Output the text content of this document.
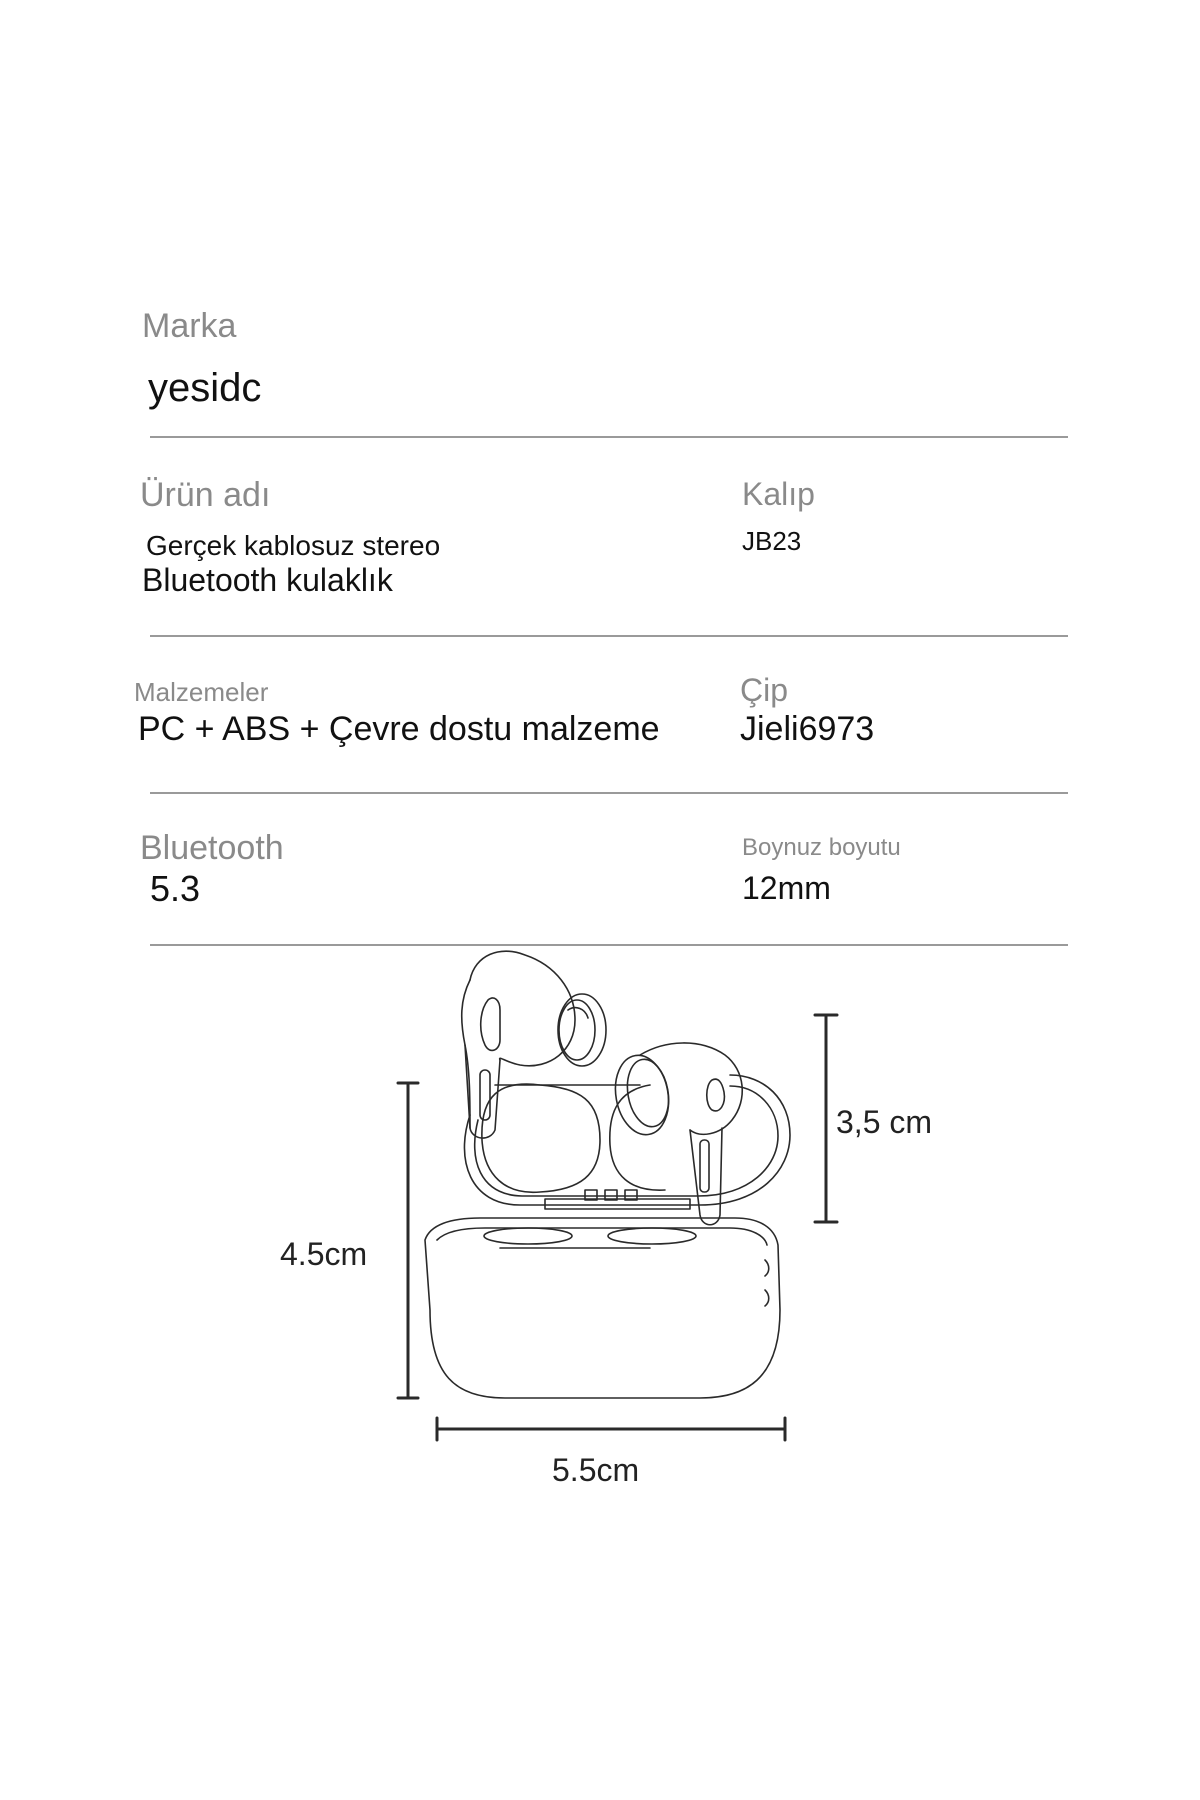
Marka
yesidc
Ürün adı
Gerçek kablosuz stereo
Bluetooth kulaklık
Kalıp
JB23
Malzemeler
PC + ABS + Çevre dostu malzeme
Çip
Jieli6973
Bluetooth
5.3
Boynuz boyutu
12mm
4.5cm
3,5 cm
5.5cm
